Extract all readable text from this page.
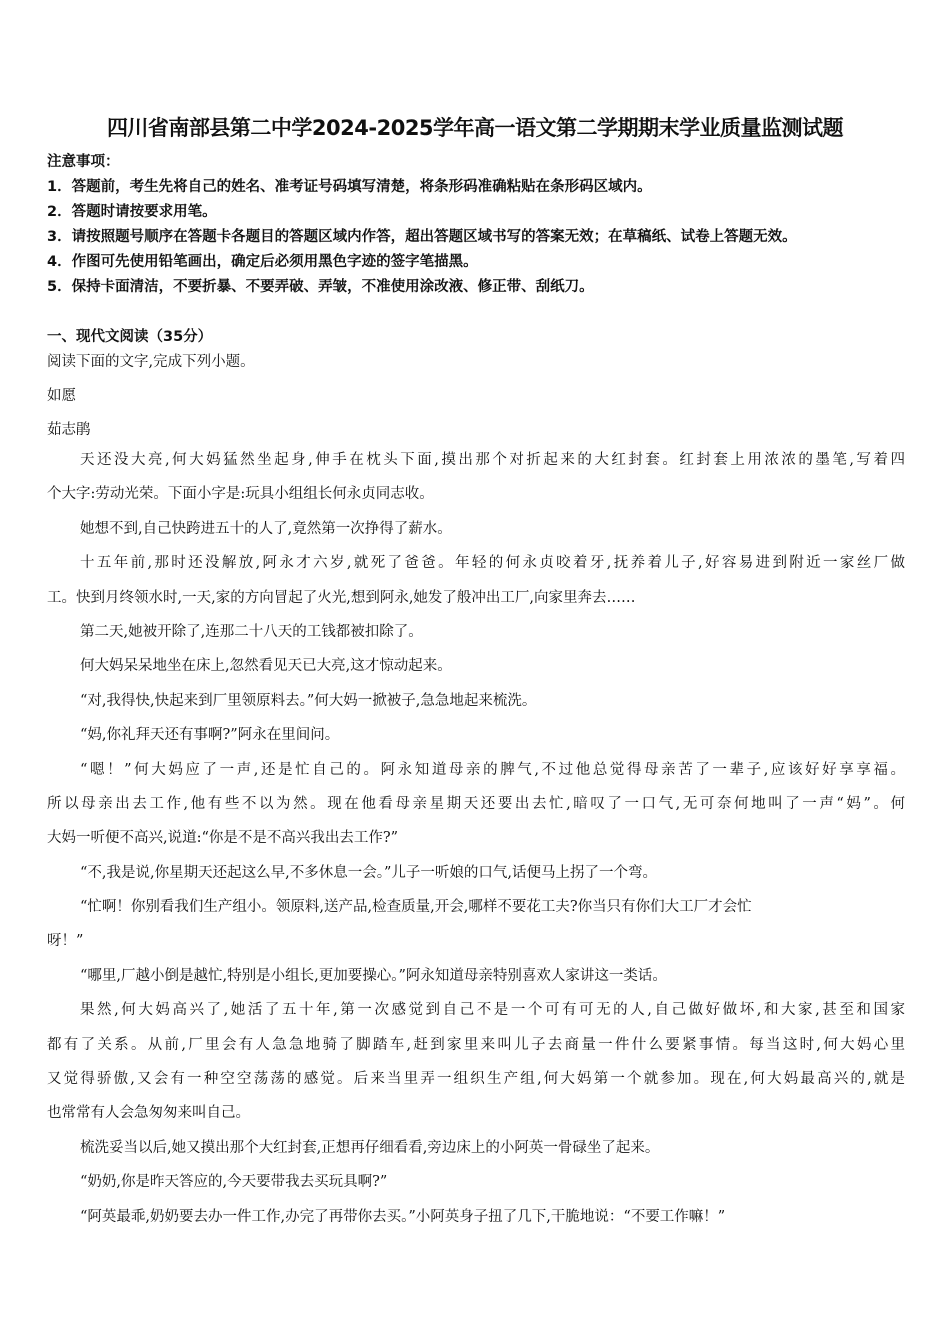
四川省南部县第二中学2024-2025学年高一语文第二学期期末学业质量监测试题
注意事项：
1．答题前，考生先将自己的姓名、准考证号码填写清楚，将条形码准确粘贴在条形码区域内。
2．答题时请按要求用笔。
3．请按照题号顺序在答题卡各题目的答题区域内作答，超出答题区域书写的答案无效；在草稿纸、试卷上答题无效。
4．作图可先使用铅笔画出，确定后必须用黑色字迹的签字笔描黑。
5．保持卡面清洁，不要折暴、不要弄破、弄皱，不准使用涂改液、修正带、刮纸刀。
一、现代文阅读（35分）
阅读下面的文字,完成下列小题。
如愿
茹志鹃
天还没大亮,何大妈猛然坐起身,伸手在枕头下面,摸出那个对折起来的大红封套。红封套上用浓浓的墨笔,写着四
个大字:劳动光荣。下面小字是:玩具小组组长何永贞同志收。
她想不到,自己快跨进五十的人了,竟然第一次挣得了薪水。
十五年前,那时还没解放,阿永才六岁,就死了爸爸。年轻的何永贞咬着牙,抚养着儿子,好容易进到附近一家丝厂做
工。快到月终领水时,一天,家的方向冒起了火光,想到阿永,她发了般冲出工厂,向家里奔去……
第二天,她被开除了,连那二十八天的工钱都被扣除了。
何大妈呆呆地坐在床上,忽然看见天已大亮,这才惊动起来。
“对,我得快,快起来到厂里领原料去。”何大妈一掀被子,急急地起来梳洗。
“妈,你礼拜天还有事啊?”阿永在里间问。
“嗯！”何大妈应了一声,还是忙自己的。阿永知道母亲的脾气,不过他总觉得母亲苦了一辈子,应该好好享享福。
所以母亲出去工作,他有些不以为然。现在他看母亲星期天还要出去忙,暗叹了一口气,无可奈何地叫了一声“妈”。何
大妈一听便不高兴,说道:“你是不是不高兴我出去工作?”
“不,我是说,你星期天还起这么早,不多休息一会。”儿子一听娘的口气,话便马上拐了一个弯。
“忙啊！你别看我们生产组小。领原料,送产品,检查质量,开会,哪样不要花工夫?你当只有你们大工厂才会忙
呀！”
“哪里,厂越小倒是越忙,特别是小组长,更加要操心。”阿永知道母亲特别喜欢人家讲这一类话。
果然,何大妈高兴了,她活了五十年,第一次感觉到自己不是一个可有可无的人,自己做好做坏,和大家,甚至和国家
都有了关系。从前,厂里会有人急急地骑了脚踏车,赶到家里来叫儿子去商量一件什么要紧事情。每当这时,何大妈心里
又觉得骄傲,又会有一种空空荡荡的感觉。后来当里弄一组织生产组,何大妈第一个就参加。现在,何大妈最高兴的,就是
也常常有人会急匆匆来叫自己。
梳洗妥当以后,她又摸出那个大红封套,正想再仔细看看,旁边床上的小阿英一骨碌坐了起来。
“奶奶,你是昨天答应的,今天要带我去买玩具啊?”
“阿英最乖,奶奶要去办一件工作,办完了再带你去买。”小阿英身子扭了几下,干脆地说：“不要工作嘛！”
